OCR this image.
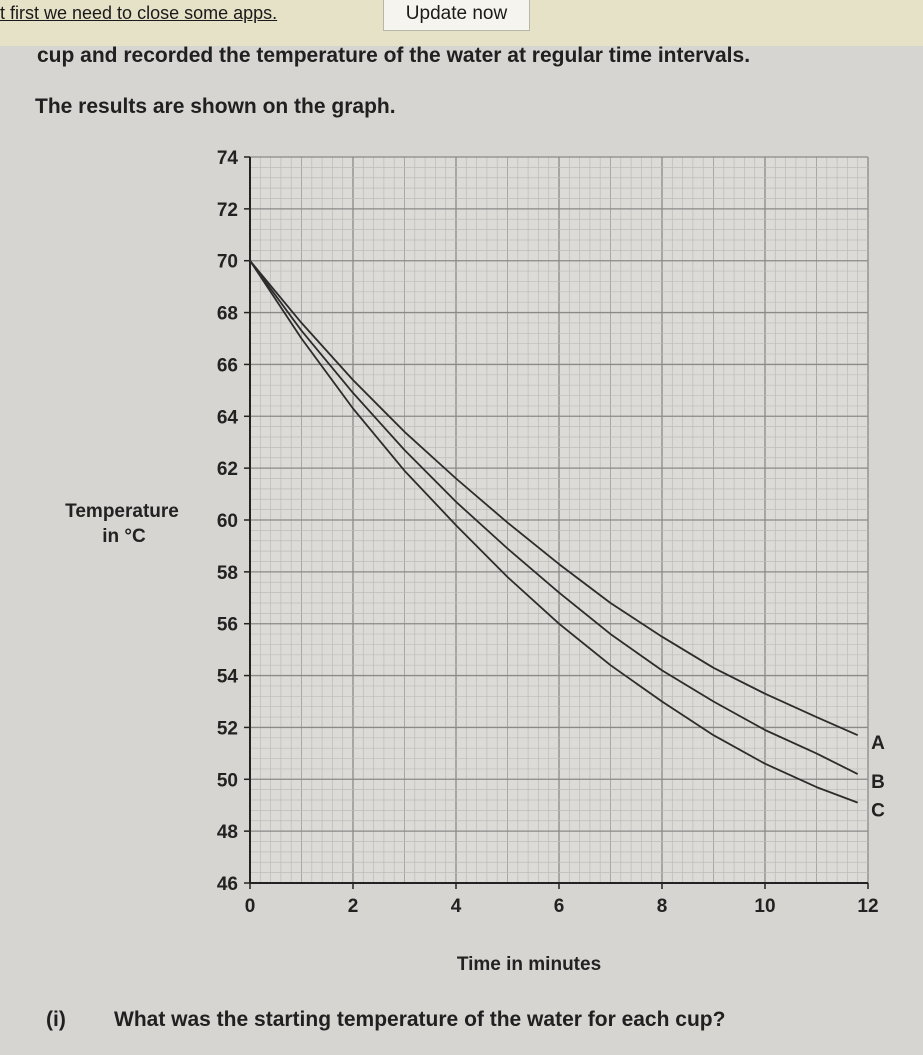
t first we need to close some apps.	Update now
cup and recorded the temperature of the water at regular time intervals.
The results are shown on the graph.
46
48
50
52
54
56
58
60
62
64
66
68
70
72
74
0	2	4	6	8	10	12
Temperature
in °C
Time in minutes
A
B
C
(i) What was the starting temperature of the water for each cup?
